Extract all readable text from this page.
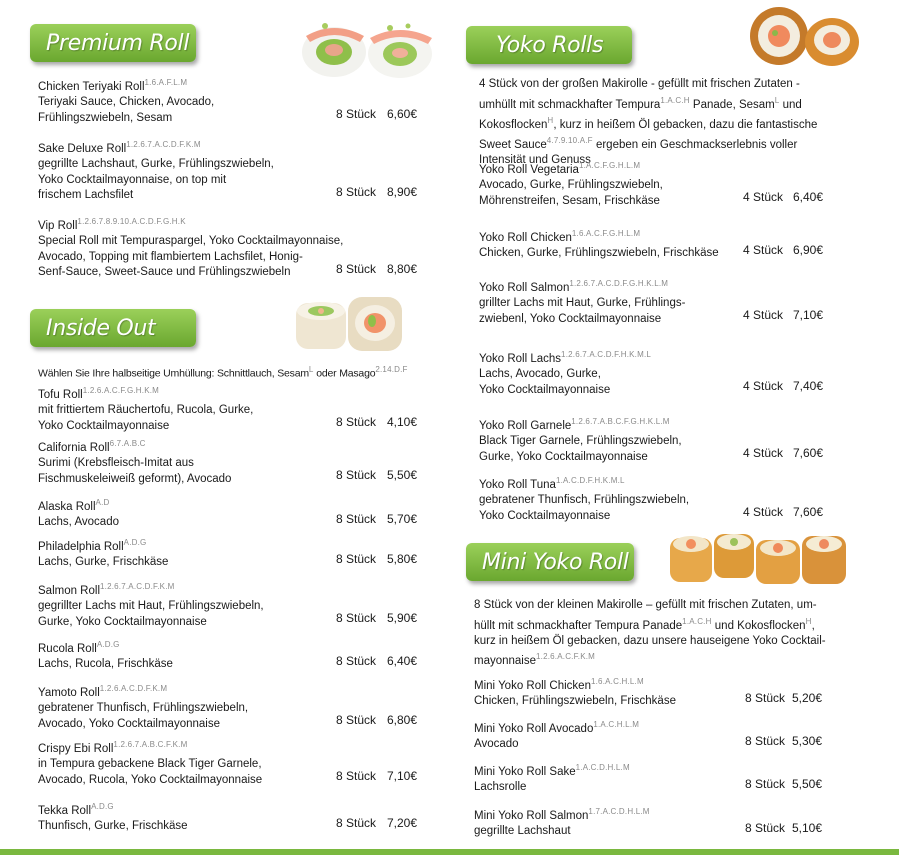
Premium Roll
Inside Out
Yoko Rolls
Mini Yoko Roll
Chicken Teriyaki Roll$^{1.6.A.F.L.M}$
Teriyaki Sauce, Chicken, Avocado,
Frühlingszwiebeln, Sesam	8 Stück 6,60€
Sake Deluxe Roll$^{1.2.6.7.A.C.D.F.K.M}$
gegrillte Lachshaut, Gurke, Frühlingszwiebeln,
Yoko Cocktailmayonnaise, on top mit
frischem Lachsfilet	8 Stück 8,90€
Vip Roll$^{1.2.6.7.8.9.10.A.C.D.F.G.H.K}$
Special Roll mit Tempuraspargel, Yoko Cocktailmayonnaise,
Avocado, Topping mit flambiertem Lachsfilet, Honig-
Senf-Sauce, Sweet-Sauce und Frühlingszwiebeln	8 Stück 8,80€
Wählen Sie Ihre halbseitige Umhüllung: Schnittlauch, Sesam$^L$ oder Masago$^{2.14.D.F}$
Tofu Roll$^{1.2.6.A.C.F.G.H.K.M}$
mit frittiertem Räuchertofu, Rucola, Gurke,
Yoko Cocktailmayonnaise	8 Stück 4,10€
California Roll$^{6.7.A.B.C}$
Surimi (Krebsfleisch-Imitat aus
Fischmuskeleiweiß geformt), Avocado	8 Stück 5,50€
Alaska Roll$^{A.D}$
Lachs, Avocado	8 Stück 5,70€
Philadelphia Roll$^{A.D.G}$
Lachs, Gurke, Frischkäse	8 Stück 5,80€
Salmon Roll$^{1.2.6.7.A.C.D.F.K.M}$
gegrillter Lachs mit Haut, Frühlingszwiebeln,
Gurke, Yoko Cocktailmayonnaise	8 Stück 5,90€
Rucola Roll$^{A.D.G}$
Lachs, Rucola, Frischkäse	8 Stück 6,40€
Yamoto Roll$^{1.2.6.A.C.D.F.K.M}$
gebratener Thunfisch, Frühlingszwiebeln,
Avocado, Yoko Cocktailmayonnaise	8 Stück 6,80€
Crispy Ebi Roll$^{1.2.6.7.A.B.C.F.K.M}$
in Tempura gebackene Black Tiger Garnele,
Avocado, Rucola, Yoko Cocktailmayonnaise	8 Stück 7,10€
Tekka Roll$^{A.D.G}$
Thunfisch, Gurke, Frischkäse	8 Stück 7,20€
4 Stück von der großen Makirolle - gefüllt mit frischen Zutaten -
umhüllt mit schmackhafter Tempura$^{1.A.C.H}$ Panade, Sesam$^L$ und
Kokosflocken$^H$, kurz in heißem Öl gebacken, dazu die fantastische
Sweet Sauce$^{4.7.9.10.A.F}$ ergeben ein Geschmackserlebnis voller
Intensität und Genuss
Yoko Roll Vegetaria$^{1.A.C.F.G.H.L.M}$
Avocado, Gurke, Frühlingszwiebeln,
Möhrenstreifen, Sesam, Frischkäse	4 Stück 6,40€
Yoko Roll Chicken$^{1.6.A.C.F.G.H.L.M}$
Chicken, Gurke, Frühlingszwiebeln, Frischkäse	4 Stück 6,90€
Yoko Roll Salmon$^{1.2.6.7.A.C.D.F.G.H.K.L.M}$
grillter Lachs mit Haut, Gurke, Frühlings-
zwiebenl, Yoko Cocktailmayonnaise	4 Stück 7,10€
Yoko Roll Lachs$^{1.2.6.7.A.C.D.F.H.K.M.L}$
Lachs, Avocado, Gurke,
Yoko Cocktailmayonnaise	4 Stück 7,40€
Yoko Roll Garnele$^{1.2.6.7.A.B.C.F.G.H.K.L.M}$
Black Tiger Garnele, Frühlingszwiebeln,
Gurke, Yoko Cocktailmayonnaise	4 Stück 7,60€
Yoko Roll Tuna$^{1.A.C.D.F.H.K.M.L}$
gebratener Thunfisch, Frühlingszwiebeln,
Yoko Cocktailmayonnaise	4 Stück 7,60€
8 Stück von der kleinen Makirolle – gefüllt mit frischen Zutaten, um-
hüllt mit schmackhafter Tempura Panade$^{1.A.C.H}$ und Kokosflocken$^H$,
kurz in heißem Öl gebacken, dazu unsere hauseigene Yoko Cocktail-
mayonnaise$^{1.2.6.A.C.F.K.M}$
Mini Yoko Roll Chicken$^{1.6.A.C.H.L.M}$
Chicken, Frühlingszwiebeln, Frischkäse	8 Stück 5,20€
Mini Yoko Roll Avocado$^{1.A.C.H.L.M}$
Avocado	8 Stück 5,30€
Mini Yoko Roll Sake$^{1.A.C.D.H.L.M}$
Lachsrolle	8 Stück 5,50€
Mini Yoko Roll Salmon$^{1.7.A.C.D.H.L.M}$
gegrillte Lachshaut	8 Stück 5,10€
